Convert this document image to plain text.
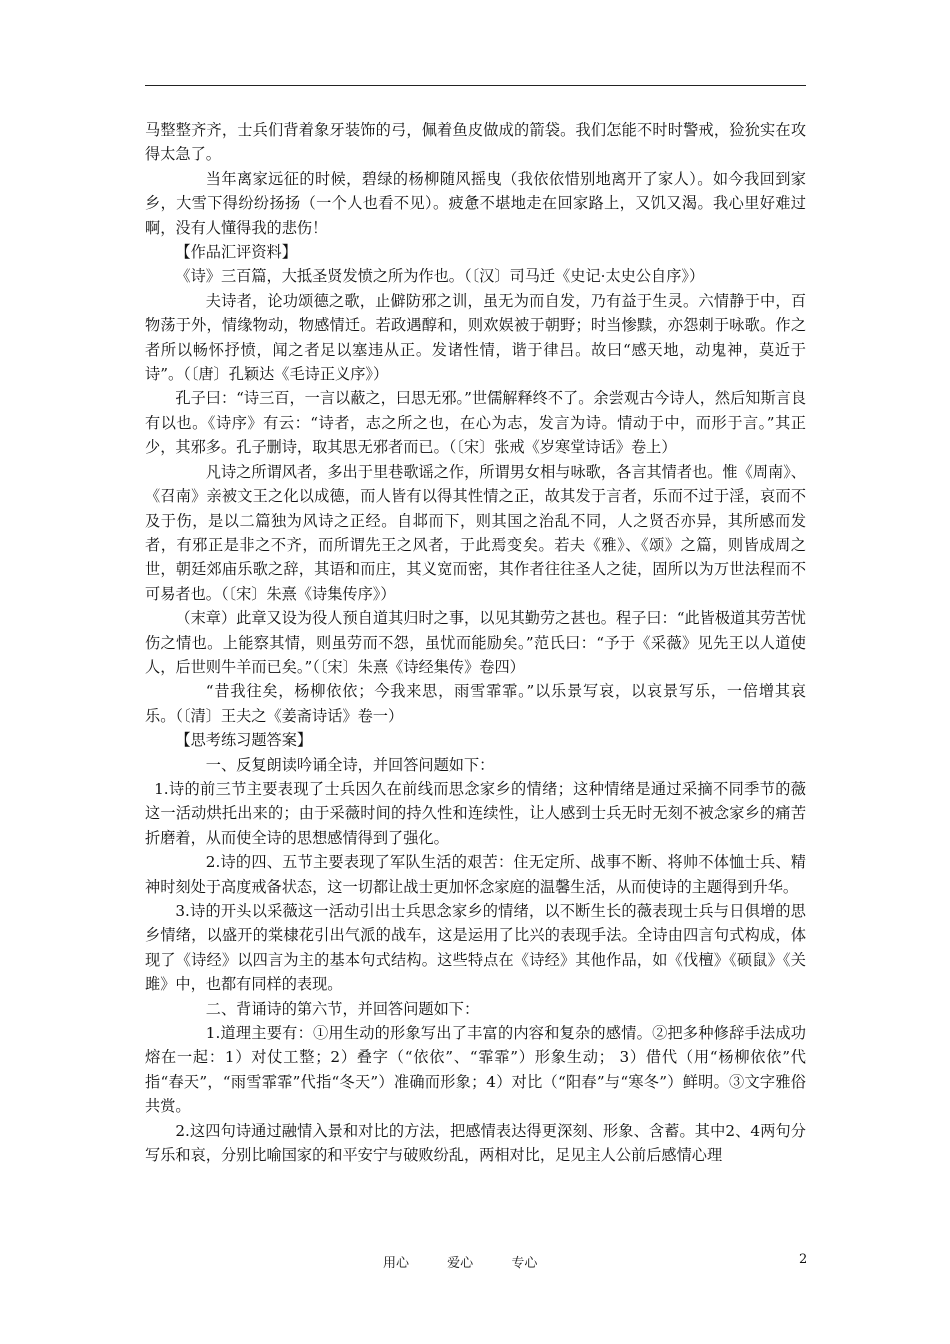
马整整齐齐，士兵们背着象牙装饰的弓，佩着鱼皮做成的箭袋。我们怎能不时时警戒，猃狁实在攻得太急了。

当年离家远征的时候，碧绿的杨柳随风摇曳（我依依惜别地离开了家人）。如今我回到家乡，大雪下得纷纷扬扬（一个人也看不见）。疲惫不堪地走在回家路上，又饥又渴。我心里好难过啊，没有人懂得我的悲伤！

【作品汇评资料】

《诗》三百篇，大抵圣贤发愤之所为作也。（〔汉〕司马迁《史记·太史公自序》）

夫诗者，论功颂德之歌，止僻防邪之训，虽无为而自发，乃有益于生灵。六情静于中，百物荡于外，情缘物动，物感情迁。若政遇醇和，则欢娱被于朝野；时当惨黩，亦怨刺于咏歌。作之者所以畅怀抒愤，闻之者足以塞违从正。发诸性情，谐于律吕。故曰“感天地，动鬼神，莫近于诗”。（〔唐〕孔颖达《毛诗正义序》）

孔子曰：“诗三百，一言以蔽之，曰思无邪。”世儒解释终不了。余尝观古今诗人，然后知斯言良有以也。《诗序》有云：“诗者，志之所之也，在心为志，发言为诗。情动于中，而形于言。”其正少，其邪多。孔子删诗，取其思无邪者而已。（〔宋〕张戒《岁寒堂诗话》卷上）

凡诗之所谓风者，多出于里巷歌谣之作，所谓男女相与咏歌，各言其情者也。惟《周南》、《召南》亲被文王之化以成德，而人皆有以得其性情之正，故其发于言者，乐而不过于淫，哀而不及于伤，是以二篇独为风诗之正经。自邶而下，则其国之治乱不同，人之贤否亦异，其所感而发者，有邪正是非之不齐，而所谓先王之风者，于此焉变矣。若夫《雅》、《颂》之篇，则皆成周之世，朝廷郊庙乐歌之辞，其语和而庄，其义宽而密，其作者往往圣人之徒，固所以为万世法程而不可易者也。（〔宋〕朱熹《诗集传序》）

（末章）此章又设为役人预自道其归时之事，以见其勤劳之甚也。程子曰：“此皆极道其劳苦忧伤之情也。上能察其情，则虽劳而不怨，虽忧而能励矣。”范氏曰：“予于《采薇》见先王以人道使人，后世则牛羊而已矣。”（〔宋〕朱熹《诗经集传》卷四）

“昔我往矣，杨柳依依；今我来思，雨雪霏霏。”以乐景写哀，以哀景写乐，一倍增其哀乐。（〔清〕王夫之《姜斋诗话》卷一）

【思考练习题答案】

一、反复朗读吟诵全诗，并回答问题如下：

1.诗的前三节主要表现了士兵因久在前线而思念家乡的情绪；这种情绪是通过采摘不同季节的薇这一活动烘托出来的；由于采薇时间的持久性和连续性，让人感到士兵无时无刻不被念家乡的痛苦折磨着，从而使全诗的思想感情得到了强化。

2.诗的四、五节主要表现了军队生活的艰苦：住无定所、战事不断、将帅不体恤士兵、精神时刻处于高度戒备状态，这一切都让战士更加怀念家庭的温馨生活，从而使诗的主题得到升华。

3.诗的开头以采薇这一活动引出士兵思念家乡的情绪，以不断生长的薇表现士兵与日俱增的思乡情绪，以盛开的棠棣花引出气派的战车，这是运用了比兴的表现手法。全诗由四言句式构成，体现了《诗经》以四言为主的基本句式结构。这些特点在《诗经》其他作品，如《伐檀》《硕鼠》《关雎》中，也都有同样的表现。

二、背诵诗的第六节，并回答问题如下：

1.道理主要有：①用生动的形象写出了丰富的内容和复杂的感情。②把多种修辞手法成功熔在一起：1）对仗工整；2）叠字（“依依”、“霏霏”）形象生动； 3）借代（用“杨柳依依”代指“春天”，“雨雪霏霏”代指“冬天”）准确而形象；4）对比（“阳春”与“寒冬”）鲜明。③文字雅俗共赏。

2.这四句诗通过融情入景和对比的方法，把感情表达得更深刻、形象、含蓄。其中2、4两句分写乐和哀，分别比喻国家的和平安宁与破败纷乱，两相对比，足见主人公前后感情心理

用心	爱心	专心	2
